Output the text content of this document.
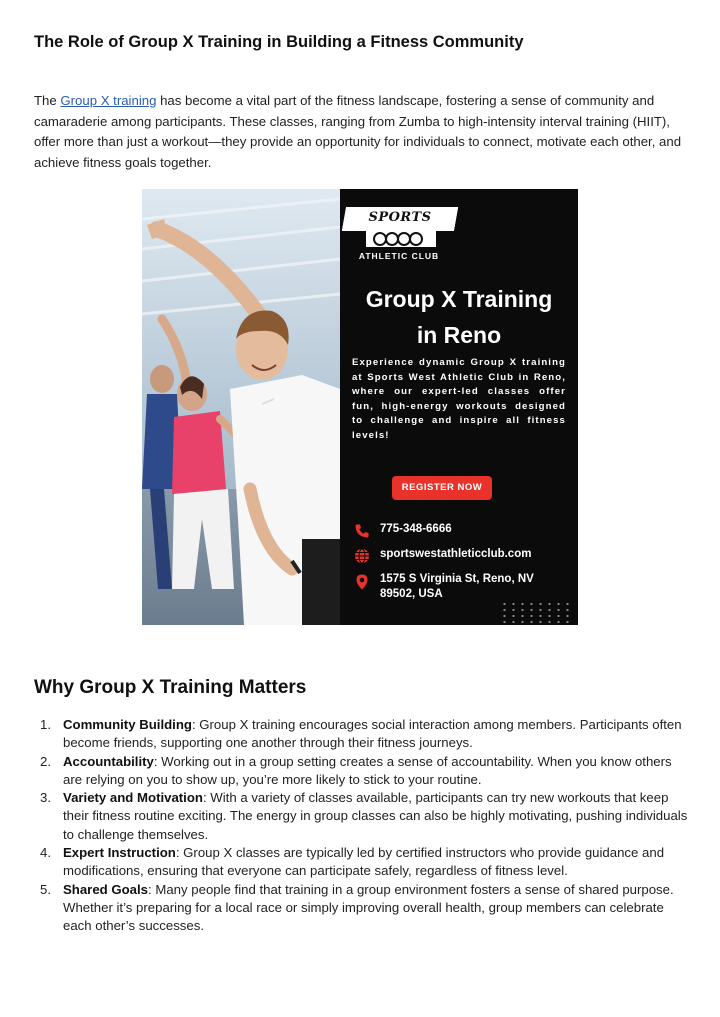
The Role of Group X Training in Building a Fitness Community

The Group X training has become a vital part of the fitness landscape, fostering a sense of community and camaraderie among participants. These classes, ranging from Zumba to high-intensity interval training (HIIT), offer more than just a workout—they provide an opportunity for individuals to connect, motivate each other, and achieve fitness goals together.

SPORTS
ATHLETIC CLUB
Group X Training
in Reno
Experience dynamic Group X training at Sports West Athletic Club in Reno, where our expert-led classes offer fun, high-energy workouts designed to challenge and inspire all fitness levels!
REGISTER NOW
775-348-6666
sportswestathleticclub.com
1575 S Virginia St, Reno, NV
89502, USA
Why Group X Training Matters
1. Community Building: Group X training encourages social interaction among members. Participants often become friends, supporting one another through their fitness journeys.
2. Accountability: Working out in a group setting creates a sense of accountability. When you know others are relying on you to show up, you’re more likely to stick to your routine.
3. Variety and Motivation: With a variety of classes available, participants can try new workouts that keep their fitness routine exciting. The energy in group classes can also be highly motivating, pushing individuals to challenge themselves.
4. Expert Instruction: Group X classes are typically led by certified instructors who provide guidance and modifications, ensuring that everyone can participate safely, regardless of fitness level.
5. Shared Goals: Many people find that training in a group environment fosters a sense of shared purpose. Whether it’s preparing for a local race or simply improving overall health, group members can celebrate each other’s successes.
